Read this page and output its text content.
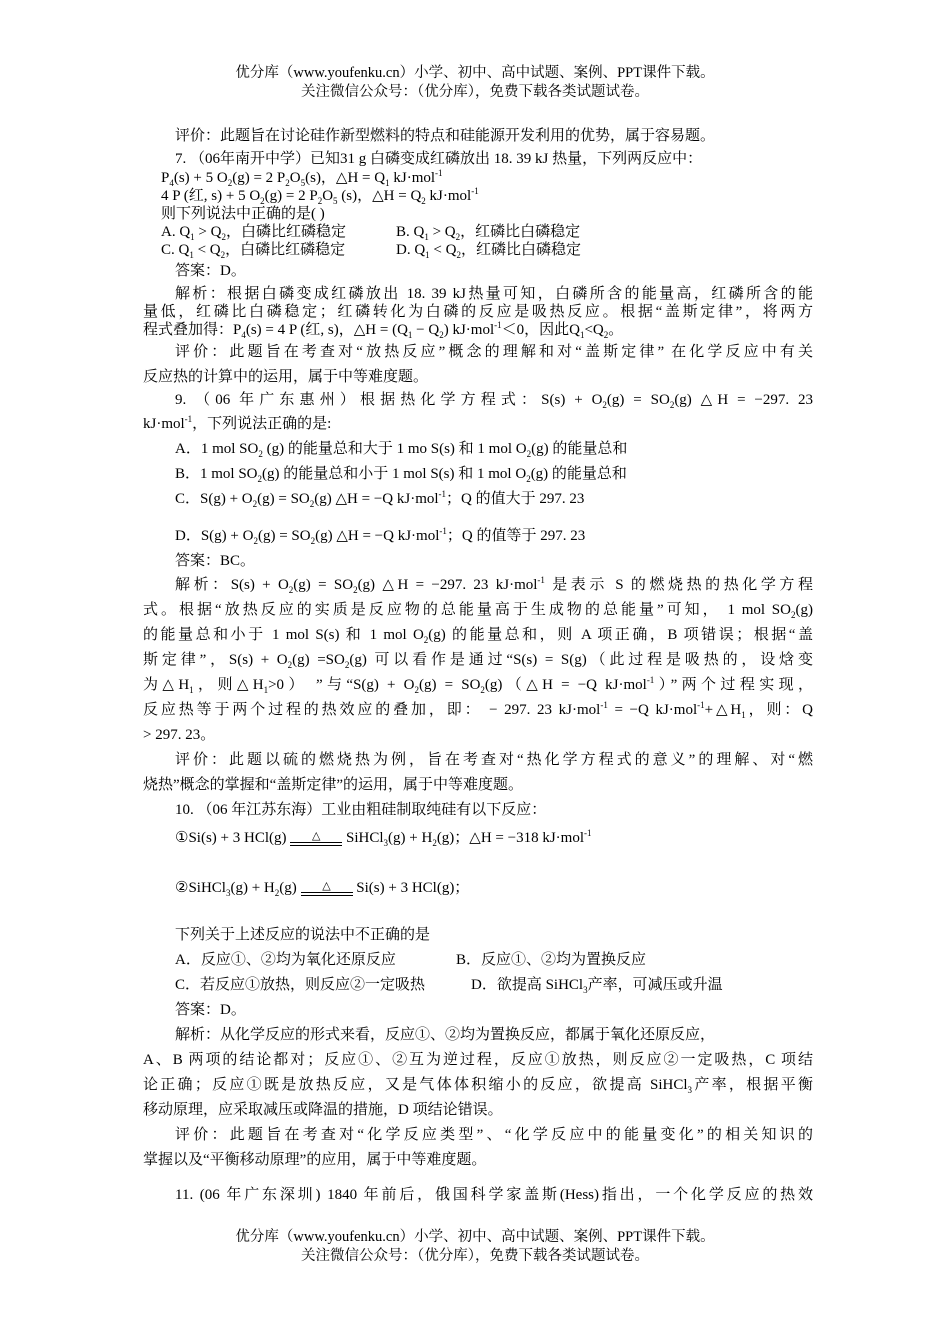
优分库（www.youfenku.cn）小学、初中、高中试题、案例、PPT课件下载。
关注微信公众号：（优分库），免费下载各类试题试卷。
评价：此题旨在讨论硅作新型燃料的特点和硅能源开发利用的优势，属于容易题。
7. （06年南开中学）已知31 g 白磷变成红磷放出 18. 39 kJ 热量，下列两反应中：
$P_4(s) + 5$ $O_2(g) = 2$ $P_2O_5(s)$，△H = $Q_1$ kJ·mol$^{-1}$
4 P (红, s) + 5 $O_2(g) = 2$ $P_2O_5$ (s)，△H = $Q_2$ kJ·mol$^{-1}$
则下列说法中正确的是( )
A. $Q_1 > Q_2$，白磷比红磷稳定	B. $Q_1 > Q_2$，红磷比白磷稳定
C. $Q_1 < Q_2$，白磷比红磷稳定	D. $Q_1 < Q_2$，红磷比白磷稳定
答案：D。
解析：根据白磷变成红磷放出 18. 39 kJ热量可知，白磷所含的能量高，红磷所含的能
量低，红磷比白磷稳定；红磷转化为白磷的反应是吸热反应。根据“盖斯定律”，将两方
程式叠加得：$P_4(s) = 4$ P (红, s)，△H = $(Q_1 - Q_2)$ kJ·mol$^{-1}$＜0，因此$Q_1<Q_2$。
评价：此题旨在考查对“放热反应”概念的理解和对“盖斯定律” 在化学反应中有关
反应热的计算中的运用，属于中等难度题。
9. （06 年广东惠州）根据热化学方程式：$S(s) + O_2(g) = SO_2(g)$ △H = −297. 23
kJ·mol$^{-1}$，下列说法正确的是:
A．1 mol $SO_2$ (g) 的能量总和大于 1 mo S(s) 和 1 mol $O_2(g)$ 的能量总和
B．1 mol $SO_2(g)$ 的能量总和小于 1 mol S(s) 和 1 mol $O_2(g)$ 的能量总和
C．$S(g) + O_2(g) = SO_2(g)$ △H = −Q kJ·mol$^{-1}$；Q 的值大于 297. 23
D．$S(g) + O_2(g) = SO_2(g)$ △H = −Q kJ·mol$^{-1}$；Q 的值等于 297. 23
答案：BC。
解析：$S(s) + O_2(g) = SO_2(g)$ △H = −297. 23 kJ·mol$^{-1}$ 是表示 S 的燃烧热的热化学方程
式。根据“放热反应的实质是反应物的总能量高于生成物的总能量”可知， 1 mol $SO_2(g)$
的能量总和小于 1 mol S(s) 和 1 mol $O_2(g)$ 的能量总和，则 A 项正确，B 项错误；根据“盖
斯定律”，$S(s) + O_2(g) =SO_2(g)$ 可以看作是通过“S(s) = S(g)（此过程是吸热的，设焓变
为$\triangle H_1$，则$\triangle H_1>0$） ”与“$S(g) + O_2(g)$ = $SO_2(g)(\triangle H = -Q$ kJ·mol$^{-1}$）”两个过程实现，
反应热等于两个过程的热效应的叠加，即： − 297. 23 kJ·mol$^{-1}$ = −Q $kJ\cdot mol^{-1}+\triangle H_1$，则：Q
> 297. 23。
评价：此题以硫的燃烧热为例，旨在考查对“热化学方程式的意义”的理解、对“燃
烧热”概念的掌握和“盖斯定律”的运用，属于中等难度题。
10. （06 年江苏东海）工业由粗硅制取纯硅有以下反应：
①Si(s) + 3 HCl(g)	△ SiHCl$_3$(g) + $H_2(g)$；△H = −318 kJ·mol$^{-1}$
②SiHCl$_3$(g) + $H_2(g)$	△ Si(s) + 3 HCl(g)；
下列关于上述反应的说法中不正确的是
A．反应①、②均为氧化还原反应	B．反应①、②均为置换反应
C．若反应①放热，则反应②一定吸热	D．欲提高 SiHCl$_3$产率，可减压或升温
答案：D。
解析：从化学反应的形式来看，反应①、②均为置换反应，都属于氧化还原反应，
A、B 两项的结论都对；反应①、②互为逆过程，反应①放热，则反应②一定吸热，C 项结
论正确；反应①既是放热反应，又是气体体积缩小的反应，欲提高 SiHCl$_3$产率，根据平衡
移动原理，应采取减压或降温的措施，D 项结论错误。
评价：此题旨在考查对“化学反应类型”、“化学反应中的能量变化”的相关知识的
掌握以及“平衡移动原理”的应用，属于中等难度题。
11. (06 年广东深圳) 1840 年前后，俄国科学家盖斯(Hess)指出，一个化学反应的热效
优分库（www.youfenku.cn）小学、初中、高中试题、案例、PPT课件下载。
关注微信公众号：（优分库），免费下载各类试题试卷。
